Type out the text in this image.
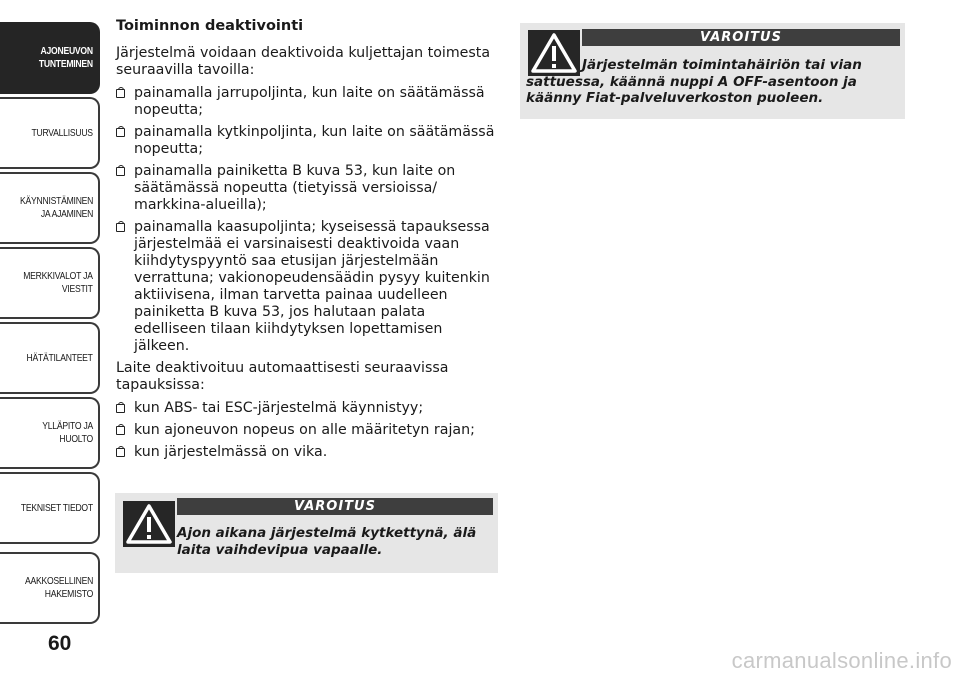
AJONEUVON
TUNTEMINEN
TURVALLISUUS
KÄYNNISTÄMINEN
JA AJAMINEN
MERKKIVALOT JA
VIESTIT
HÄTÄTILANTEET
YLLÄPITO JA HUOLTO
TEKNISET TIEDOT
AAKKOSELLINEN
HAKEMISTO
60
Toiminnon deaktivointi

Järjestelmä voidaan deaktivoida kuljettajan toimesta seuraavilla tavoilla:

painamalla jarrupoljinta, kun laite on säätämässä nopeutta;
painamalla kytkinpoljinta, kun laite on säätämässä nopeutta;
painamalla painiketta B kuva 53, kun laite on säätämässä nopeutta (tietyissä versioissa/ markkina-alueilla);
painamalla kaasupoljinta; kyseisessä tapauksessa järjestelmää ei varsinaisesti deaktivoida vaan kiihdytyspyyntö saa etusijan järjestelmään verrattuna; vakionopeudensäädin pysyy kuitenkin aktiivisena, ilman tarvetta painaa uudelleen painiketta B kuva 53, jos halutaan palata edelliseen tilaan kiihdytyksen lopettamisen jälkeen.

Laite deaktivoituu automaattisesti seuraavissa tapauksissa:

kun ABS- tai ESC-järjestelmä käynnistyy;
kun ajoneuvon nopeus on alle määritetyn rajan;
kun järjestelmässä on vika.
VAROITUS
Ajon aikana järjestelmä kytkettynä, älä laita vaihdevipua vapaalle.
VAROITUS
Järjestelmän toimintahäiriön tai vian sattuessa, käännä nuppi A OFF-asentoon ja käänny Fiat-palveluverkoston puoleen.
carmanualsonline.info
